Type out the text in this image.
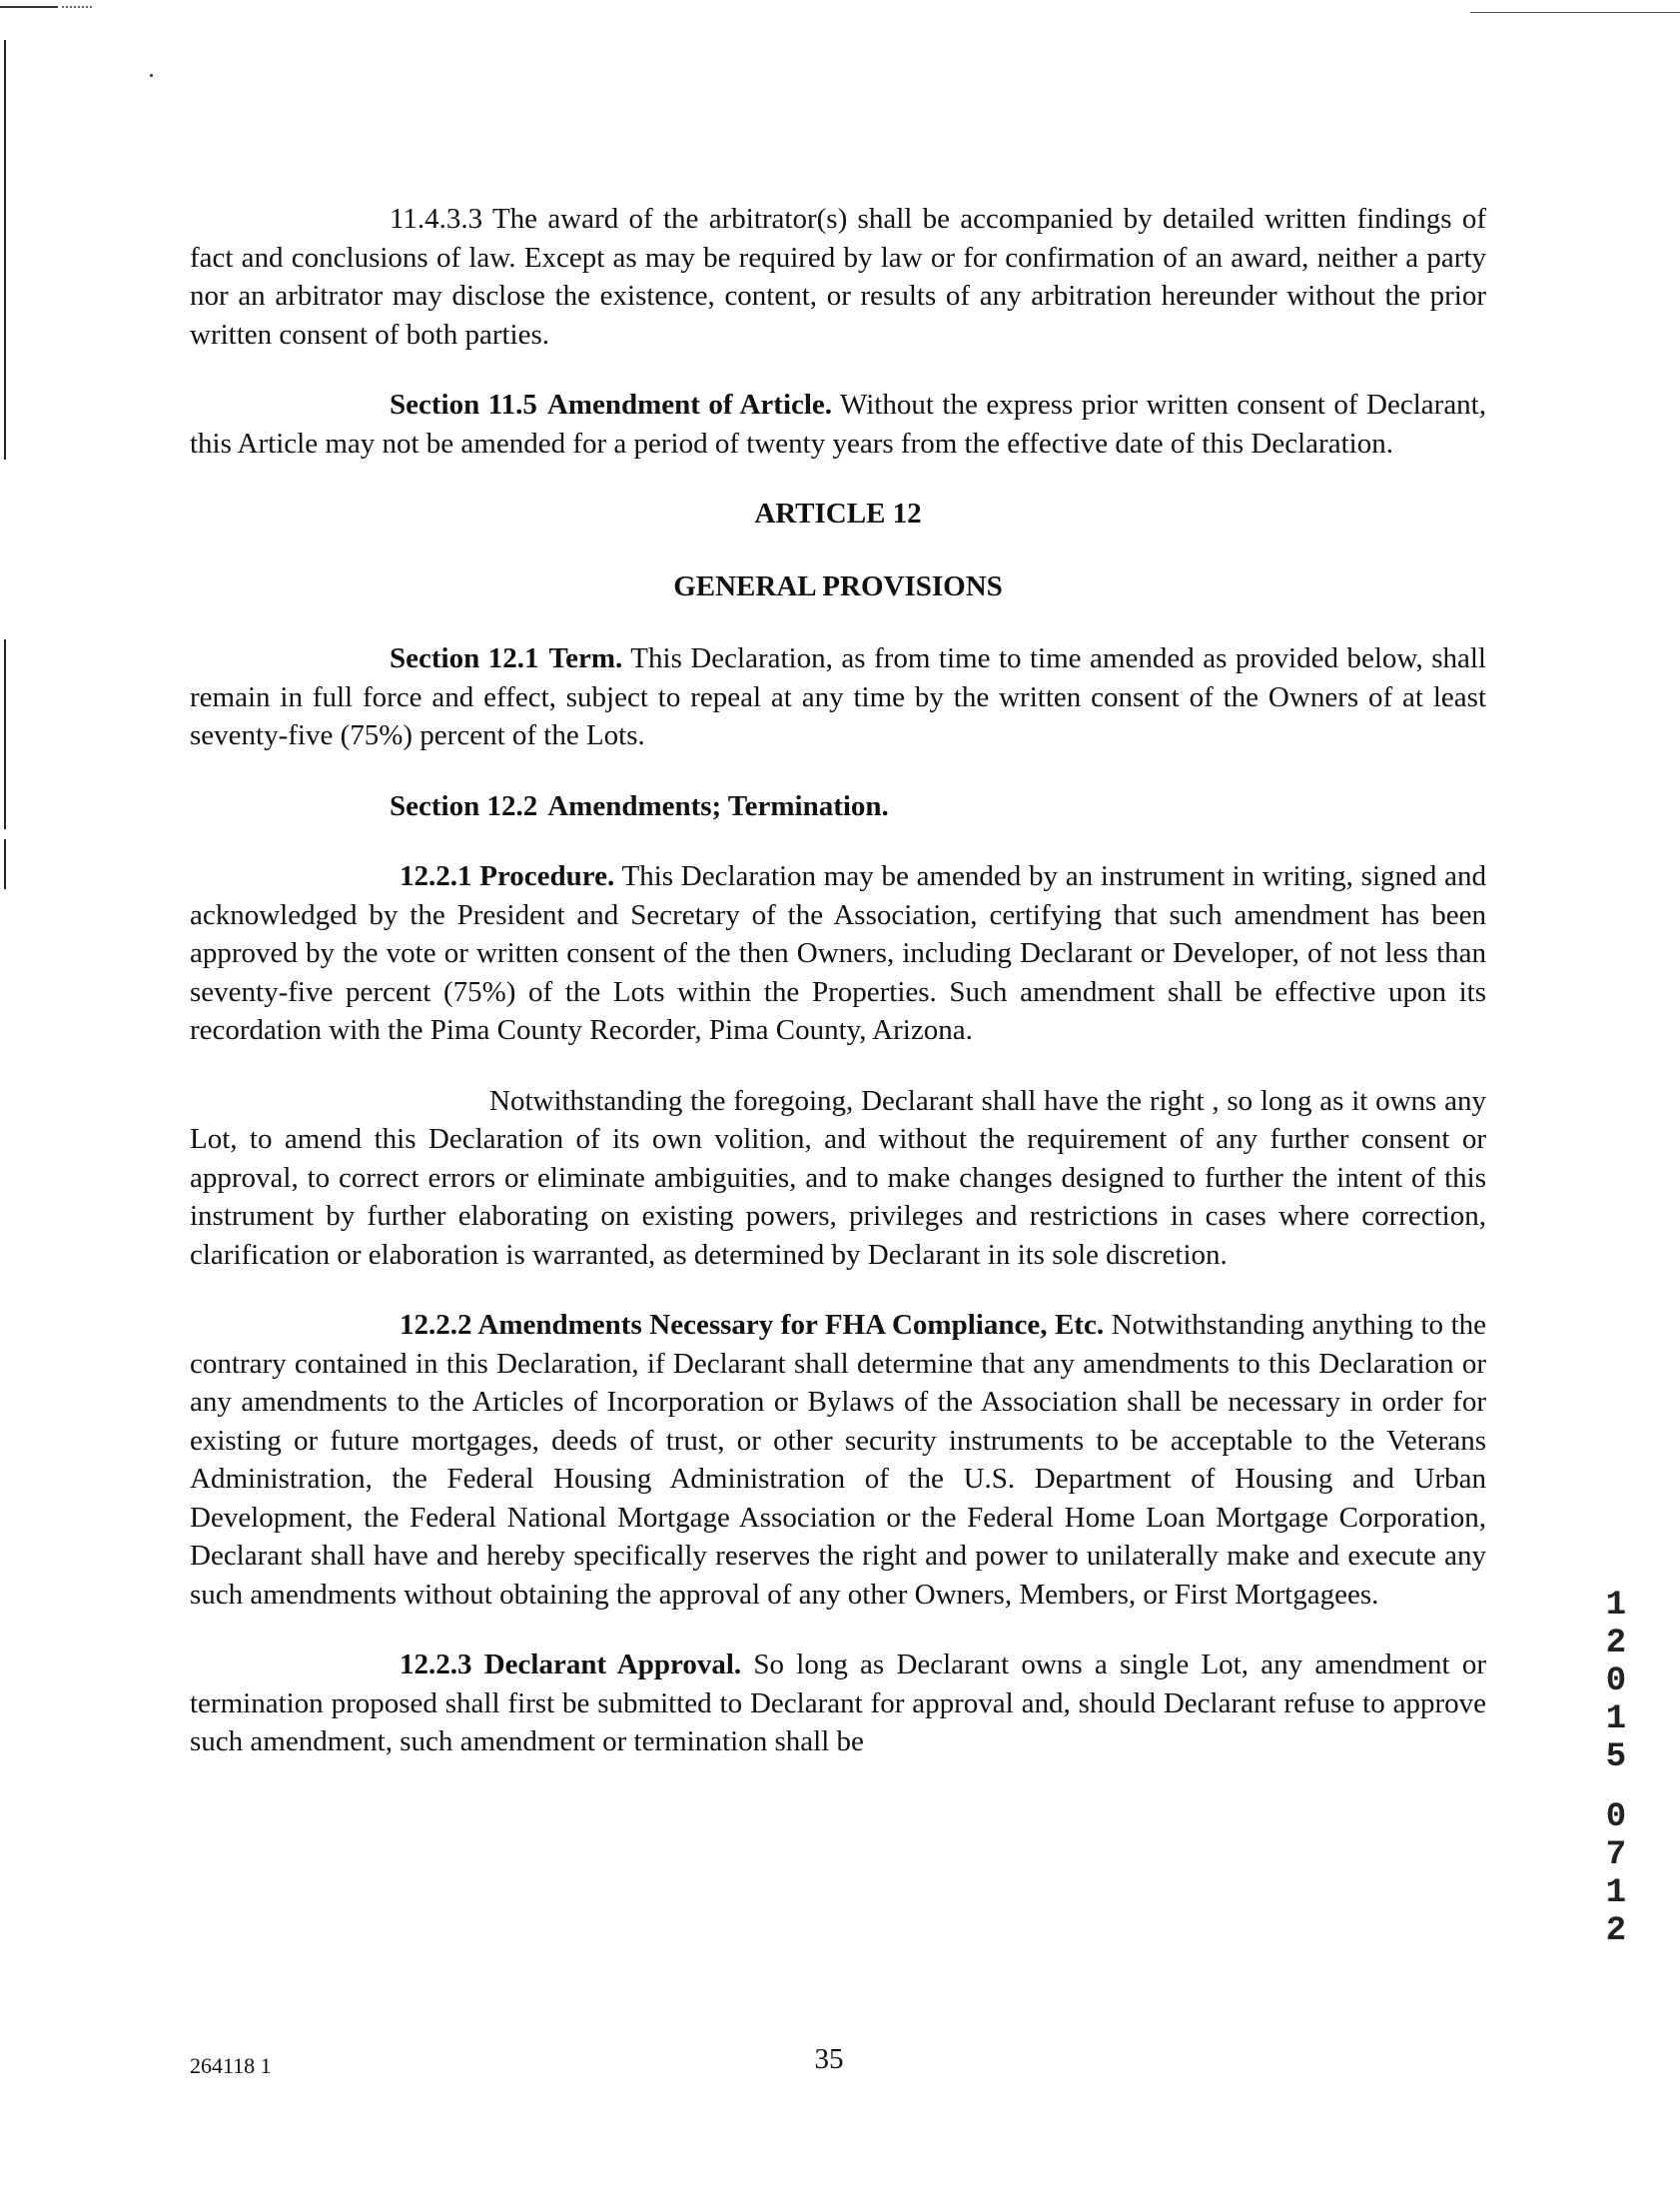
11.4.3.3 The award of the arbitrator(s) shall be accompanied by detailed written findings of fact and conclusions of law. Except as may be required by law or for confirmation of an award, neither a party nor an arbitrator may disclose the existence, content, or results of any arbitration hereunder without the prior written consent of both parties.

Section 11.5 Amendment of Article. Without the express prior written consent of Declarant, this Article may not be amended for a period of twenty years from the effective date of this Declaration.

ARTICLE 12
GENERAL PROVISIONS

Section 12.1 Term. This Declaration, as from time to time amended as provided below, shall remain in full force and effect, subject to repeal at any time by the written consent of the Owners of at least seventy-five (75%) percent of the Lots.

Section 12.2 Amendments; Termination.

12.2.1 Procedure. This Declaration may be amended by an instrument in writing, signed and acknowledged by the President and Secretary of the Association, certifying that such amendment has been approved by the vote or written consent of the then Owners, including Declarant or Developer, of not less than seventy-five percent (75%) of the Lots within the Properties. Such amendment shall be effective upon its recordation with the Pima County Recorder, Pima County, Arizona.

Notwithstanding the foregoing, Declarant shall have the right , so long as it owns any Lot, to amend this Declaration of its own volition, and without the requirement of any further consent or approval, to correct errors or eliminate ambiguities, and to make changes designed to further the intent of this instrument by further elaborating on existing powers, privileges and restrictions in cases where correction, clarification or elaboration is warranted, as determined by Declarant in its sole discretion.

12.2.2 Amendments Necessary for FHA Compliance, Etc. Notwithstanding anything to the contrary contained in this Declaration, if Declarant shall determine that any amendments to this Declaration or any amendments to the Articles of Incorporation or Bylaws of the Association shall be necessary in order for existing or future mortgages, deeds of trust, or other security instruments to be acceptable to the Veterans Administration, the Federal Housing Administration of the U.S. Department of Housing and Urban Development, the Federal National Mortgage Association or the Federal Home Loan Mortgage Corporation, Declarant shall have and hereby specifically reserves the right and power to unilaterally make and execute any such amendments without obtaining the approval of any other Owners, Members, or First Mortgagees.

12.2.3 Declarant Approval. So long as Declarant owns a single Lot, any amendment or termination proposed shall first be submitted to Declarant for approval and, should Declarant refuse to approve such amendment, such amendment or termination shall be

1
2
0
1
5
0
7
1
2
264118 1	35
